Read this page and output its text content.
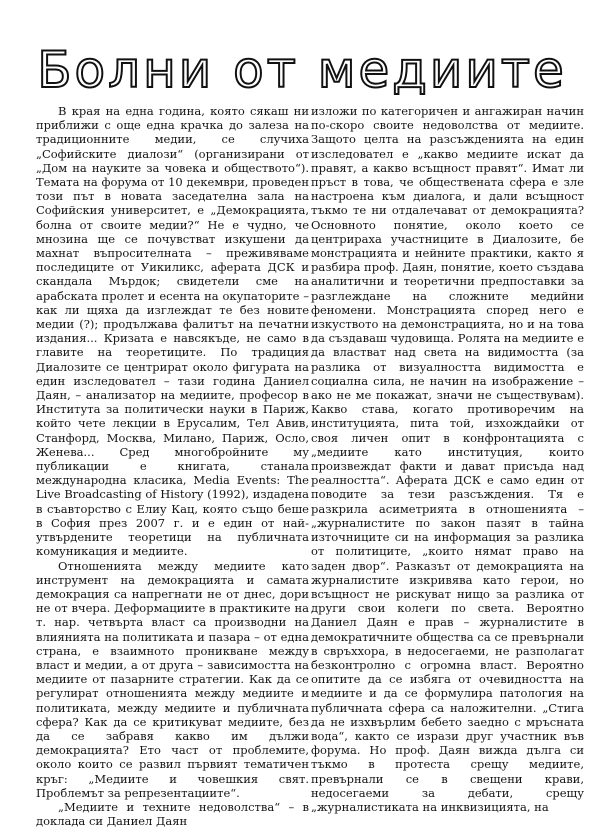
Болни от медиите

В края на една година, която сякаш ни приближи с още една крачка до залеза на традиционните медии, се случиха „Софийските диалози“ (организирани от „Дом на науките за човека и обществото“). Темата на форума от 10 декември, проведен този път в новата заседателна зала на Софийския университет, е „Демокрацията, болна от своите медии?“ Не е чудно, че мнозина ще се почувстват изкушени да махнат въпросителната – преживяваме последиците от Уикиликс, аферата ДСК и скандала Мърдок; свидетели сме на арабската пролет и есента на окупаторите – как ли щяха да изглеждат те без новите медии (?); продължава фалитът на печатни издания... Кризата е навсякъде, не само в главите на теоретиците. По традиция Диалозите се центрират около фигурата на един изследовател – тази година Даниел Даян, – анализатор на медиите, професор в Института за политически науки в Париж, който чете лекции в Ерусалим, Тел Авив, Станфорд, Москва, Милано, Париж, Осло, Женева... Сред многобройните му публикации е книгата, станала международна класика, Media Events: The Live Broadcasting of History (1992), издадена в съавторство с Елиу Кац, която също беше в София през 2007 г. и е един от най-утвърдените теоретици на публичната комуникация и медиите.

Отношенията между медиите като инструмент на демокрацията и самата демокрация са напрегнати не от днес, дори не от вчера. Деформациите в практиките на т. нар. четвърта власт са производни на влиянията на политиката и пазара – от една страна, е взаимното проникване между власт и медии, а от друга – зависимостта на медиите от пазарните стратегии. Как да се регулират отношенията между медиите и политиката, между медиите и публичната сфера? Как да се критикуват медиите, без да се забравя какво им дължи демокрацията? Ето част от проблемите, около които се развил първият тематичен кръг: „Медиите и човешкия свят. Проблемът за репрезентациите“.

„Медиите и техните недоволства“ – в доклада си Даниел Даян

изложи по категоричен и ангажиран начин по-скоро своите недоволства от медиите. Защото целта на разсъжденията на един изследовател е „какво медиите искат да правят, а какво всъщност правят“. Имат ли пръст в това, че обществената сфера е зле настроена към диалога, и дали всъщност тъкмо те ни отдалечават от демокрацията? Основното понятие, около което се центрираха участниците в Диалозите, бе монстрацията и нейните практики, както я разбира проф. Даян, понятие, което създава аналитични и теоретични предпоставки за разглеждане на сложните медийни феномени. Монстрацията според него е изкуството на демонстрацията, но и на това да създаваш чудовища. Ролята на медиите е да властват над света на видимостта (за разлика от визуалността видимостта е социална сила, не начин на изображение – ако не ме покажат, значи не съществувам). Какво става, когато противоречим на институцията, пита той, изхождайки от своя личен опит в конфронтацията с „медиите като институция, които произвеждат факти и дават присъда над реалността“. Аферата ДСК е само един от поводите за тези разсъждения. Тя е разкрила асиметрията в отношенията – „журналистите по закон пазят в тайна източниците си на информация за разлика от политиците, „които нямат право на заден двор“. Разказът от демокрацията на журналистите изкривява като герои, но всъщност не рискуват нищо за разлика от други свои колеги по света. Вероятно Даниел Даян е прав – журналистите в демократичните общества са се превърнали в свръххора, в недосегаеми, не разполагат безконтролно с огромна власт. Вероятно опитите да се избяга от очевидността на медиите и да се формулира патология на публичната сфера са наложителни. „Стига да не изхвърлим бебето заедно с мръсната вода“, както се изрази друг участник във форума. Но проф. Даян вижда дълга си тъкмо в протеста срещу медиите, превърнали се в свещени крави, недосегаеми за дебати, срещу „журналистиката на инквизицията, на
